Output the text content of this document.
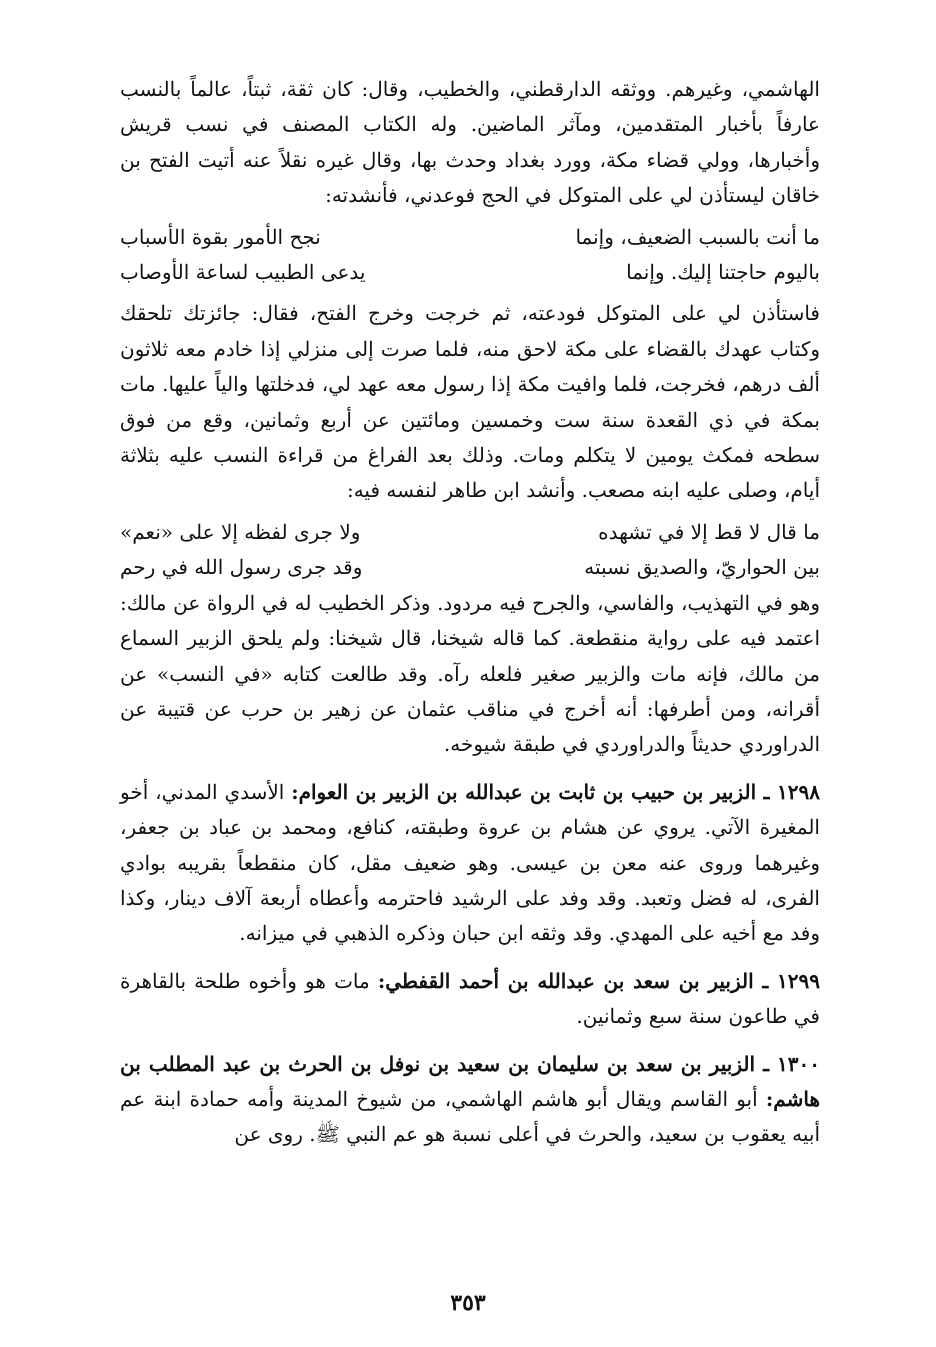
الهاشمي، وغيرهم. ووثقه الدارقطني، والخطيب، وقال: كان ثقة، ثبتاً، عالماً بالنسب عارفاً بأخبار المتقدمين، ومآثر الماضين. وله الكتاب المصنف في نسب قريش وأخبارها، وولي قضاء مكة، وورد بغداد وحدث بها، وقال غيره نقلاً عنه أتيت الفتح بن خاقان ليستأذن لي على المتوكل في الحج فوعدني، فأنشدته:

ما أنت بالسبب الضعيف، وإنما
نجح الأمور بقوة الأسباب
باليوم حاجتنا إليك. وإنما
يدعى الطبيب لساعة الأوصاب

فاستأذن لي على المتوكل فودعته، ثم خرجت وخرج الفتح، فقال: جائزتك تلحقك وكتاب عهدك بالقضاء على مكة لاحق منه، فلما صرت إلى منزلي إذا خادم معه ثلاثون ألف درهم، فخرجت، فلما وافيت مكة إذا رسول معه عهد لي، فدخلتها والياً عليها. مات بمكة في ذي القعدة سنة ست وخمسين ومائتين عن أربع وثمانين، وقع من فوق سطحه فمكث يومين لا يتكلم ومات. وذلك بعد الفراغ من قراءة النسب عليه بثلاثة أيام، وصلى عليه ابنه مصعب. وأنشد ابن طاهر لنفسه فيه:

ما قال لا قط إلا في تشهده
ولا جرى لفظه إلا على «نعم»
بين الحواريّ، والصديق نسبته
وقد جرى رسول الله في رحم

وهو في التهذيب، والفاسي، والجرح فيه مردود. وذكر الخطيب له في الرواة عن مالك: اعتمد فيه على رواية منقطعة. كما قاله شيخنا، قال شيخنا: ولم يلحق الزبير السماع من مالك، فإنه مات والزبير صغير فلعله رآه. وقد طالعت كتابه «في النسب» عن أقرانه، ومن أطرفها: أنه أخرج في مناقب عثمان عن زهير بن حرب عن قتيبة عن الدراوردي حديثاً والدراوردي في طبقة شيوخه.

١٢٩٨ ـ الزبير بن حبيب بن ثابت بن عبدالله بن الزبير بن العوام: الأسدي المدني، أخو المغيرة الآتي. يروي عن هشام بن عروة وطبقته، كنافع، ومحمد بن عباد بن جعفر، وغيرهما وروى عنه معن بن عيسى. وهو ضعيف مقل، كان منقطعاً بقريبه بوادي الفرى، له فضل وتعبد. وقد وفد على الرشيد فاحترمه وأعطاه أربعة آلاف دينار، وكذا وفد مع أخيه على المهدي. وقد وثقه ابن حبان وذكره الذهبي في ميزانه.

١٢٩٩ ـ الزبير بن سعد بن عبدالله بن أحمد القفطي: مات هو وأخوه طلحة بالقاهرة في طاعون سنة سبع وثمانين.

١٣٠٠ ـ الزبير بن سعد بن سليمان بن سعيد بن نوفل بن الحرث بن عبد المطلب بن هاشم: أبو القاسم ويقال أبو هاشم الهاشمي، من شيوخ المدينة وأمه حمادة ابنة عم أبيه يعقوب بن سعيد، والحرث في أعلى نسبة هو عم النبي ﷺ. روى عن

٣٥٣
